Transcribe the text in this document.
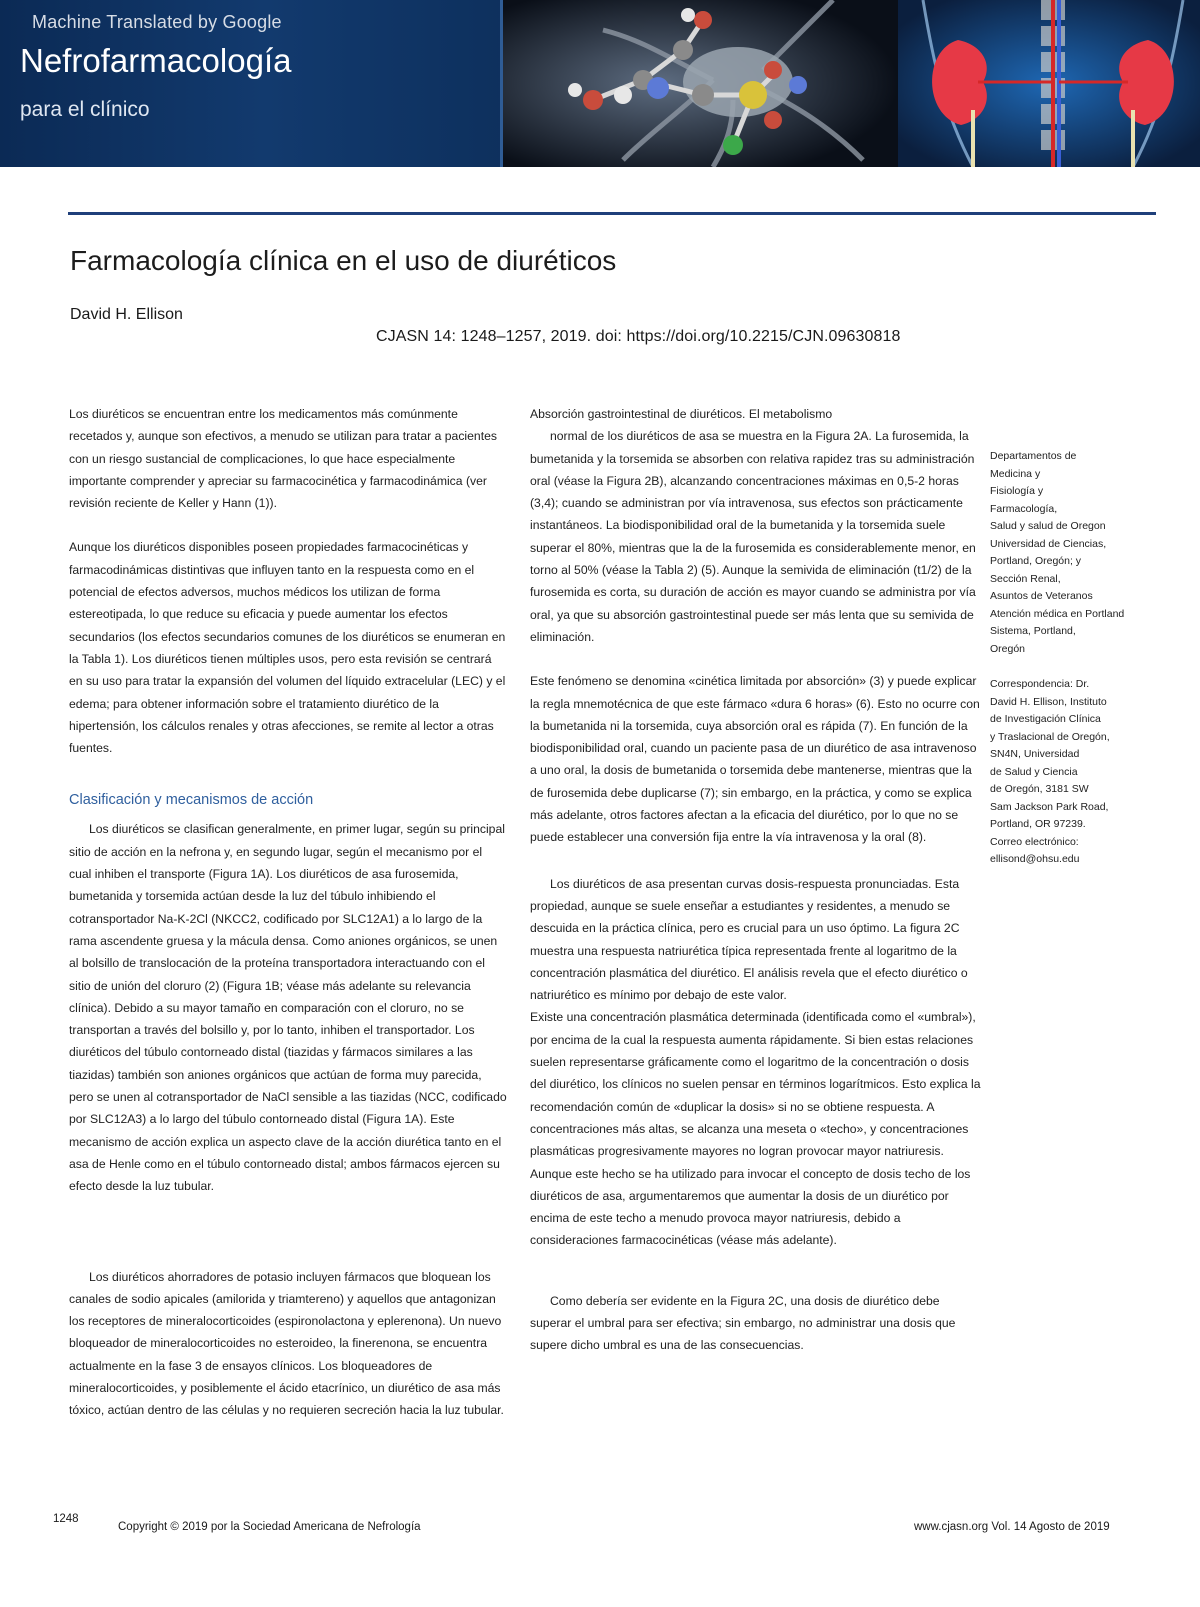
Machine Translated by Google
Nefrofarmacología
para el clínico
Farmacología clínica en el uso de diuréticos
David H. Ellison
CJASN 14: 1248–1257, 2019. doi: https://doi.org/10.2215/CJN.09630818

Los diuréticos se encuentran entre los medicamentos más comúnmente recetados y, aunque son efectivos, a menudo se utilizan para tratar a pacientes con un riesgo sustancial de complicaciones, lo que hace especialmente importante comprender y apreciar su farmacocinética y farmacodinámica (ver revisión reciente de Keller y Hann (1)).

Aunque los diuréticos disponibles poseen propiedades farmacocinéticas y farmacodinámicas distintivas que influyen tanto en la respuesta como en el potencial de efectos adversos, muchos médicos los utilizan de forma estereotipada, lo que reduce su eficacia y puede aumentar los efectos secundarios (los efectos secundarios comunes de los diuréticos se enumeran en la Tabla 1). Los diuréticos tienen múltiples usos, pero esta revisión se centrará en su uso para tratar la expansión del volumen del líquido extracelular (LEC) y el edema; para obtener información sobre el tratamiento diurético de la hipertensión, los cálculos renales y otras afecciones, se remite al lector a otras fuentes.

Clasificación y mecanismos de acción

Los diuréticos se clasifican generalmente, en primer lugar, según su principal sitio de acción en la nefrona y, en segundo lugar, según el mecanismo por el cual inhiben el transporte (Figura 1A). Los diuréticos de asa furosemida, bumetanida y torsemida actúan desde la luz del túbulo inhibiendo el cotransportador Na-K-2Cl (NKCC2, codificado por SLC12A1) a lo largo de la rama ascendente gruesa y la mácula densa. Como aniones orgánicos, se unen al bolsillo de translocación de la proteína transportadora interactuando con el sitio de unión del cloruro (2) (Figura 1B; véase más adelante su relevancia clínica). Debido a su mayor tamaño en comparación con el cloruro, no se transportan a través del bolsillo y, por lo tanto, inhiben el transportador. Los diuréticos del túbulo contorneado distal (tiazidas y fármacos similares a las tiazidas) también son aniones orgánicos que actúan de forma muy parecida, pero se unen al cotransportador de NaCl sensible a las tiazidas (NCC, codificado por SLC12A3) a lo largo del túbulo contorneado distal (Figura 1A). Este mecanismo de acción explica un aspecto clave de la acción diurética tanto en el asa de Henle como en el túbulo contorneado distal; ambos fármacos ejercen su efecto desde la luz tubular.

Los diuréticos ahorradores de potasio incluyen fármacos que bloquean los canales de sodio apicales (amilorida y triamtereno) y aquellos que antagonizan los receptores de mineralocorticoides (espironolactona y eplerenona). Un nuevo bloqueador de mineralocorticoides no esteroideo, la finerenona, se encuentra actualmente en la fase 3 de ensayos clínicos. Los bloqueadores de mineralocorticoides, y posiblemente el ácido etacrínico, un diurético de asa más tóxico, actúan dentro de las células y no requieren secreción hacia la luz tubular.

Absorción gastrointestinal de diuréticos. El metabolismo

normal de los diuréticos de asa se muestra en la Figura 2A. La furosemida, la bumetanida y la torsemida se absorben con relativa rapidez tras su administración oral (véase la Figura 2B), alcanzando concentraciones máximas en 0,5-2 horas (3,4); cuando se administran por vía intravenosa, sus efectos son prácticamente instantáneos. La biodisponibilidad oral de la bumetanida y la torsemida suele superar el 80%, mientras que la de la furosemida es considerablemente menor, en torno al 50% (véase la Tabla 2) (5). Aunque la semivida de eliminación (t1/2) de la furosemida es corta, su duración de acción es mayor cuando se administra por vía oral, ya que su absorción gastrointestinal puede ser más lenta que su semivida de eliminación.

Este fenómeno se denomina «cinética limitada por absorción» (3) y puede explicar la regla mnemotécnica de que este fármaco «dura 6 horas» (6). Esto no ocurre con la bumetanida ni la torsemida, cuya absorción oral es rápida (7). En función de la biodisponibilidad oral, cuando un paciente pasa de un diurético de asa intravenoso a uno oral, la dosis de bumetanida o torsemida debe mantenerse, mientras que la de furosemida debe duplicarse (7); sin embargo, en la práctica, y como se explica más adelante, otros factores afectan a la eficacia del diurético, por lo que no se puede establecer una conversión fija entre la vía intravenosa y la oral (8).

Los diuréticos de asa presentan curvas dosis-respuesta pronunciadas. Esta propiedad, aunque se suele enseñar a estudiantes y residentes, a menudo se descuida en la práctica clínica, pero es crucial para un uso óptimo. La figura 2C muestra una respuesta natriurética típica representada frente al logaritmo de la concentración plasmática del diurético. El análisis revela que el efecto diurético o natriurético es mínimo por debajo de este valor.

Existe una concentración plasmática determinada (identificada como el «umbral»), por encima de la cual la respuesta aumenta rápidamente. Si bien estas relaciones suelen representarse gráficamente como el logaritmo de la concentración o dosis del diurético, los clínicos no suelen pensar en términos logarítmicos. Esto explica la recomendación común de «duplicar la dosis» si no se obtiene respuesta. A concentraciones más altas, se alcanza una meseta o «techo», y concentraciones plasmáticas progresivamente mayores no logran provocar mayor natriuresis. Aunque este hecho se ha utilizado para invocar el concepto de dosis techo de los diuréticos de asa, argumentaremos que aumentar la dosis de un diurético por encima de este techo a menudo provoca mayor natriuresis, debido a consideraciones farmacocinéticas (véase más adelante).

Como debería ser evidente en la Figura 2C, una dosis de diurético debe superar el umbral para ser efectiva; sin embargo, no administrar una dosis que supere dicho umbral es una de las consecuencias.

Departamentos de

Medicina y

Fisiología y

Farmacología,

Salud y salud de Oregon

Universidad de Ciencias,

Portland, Oregón; y

Sección Renal,

Asuntos de Veteranos

Atención médica en Portland

Sistema, Portland,

Oregón

Correspondencia: Dr.

David H. Ellison, Instituto

de Investigación Clínica

y Traslacional de Oregón,

SN4N, Universidad

de Salud y Ciencia

de Oregón, 3181 SW

Sam Jackson Park Road,

Portland, OR 97239.

Correo electrónico:

ellisond@ohsu.edu

1248
Copyright © 2019 por la Sociedad Americana de Nefrología	www.cjasn.org Vol. 14 Agosto de 2019
